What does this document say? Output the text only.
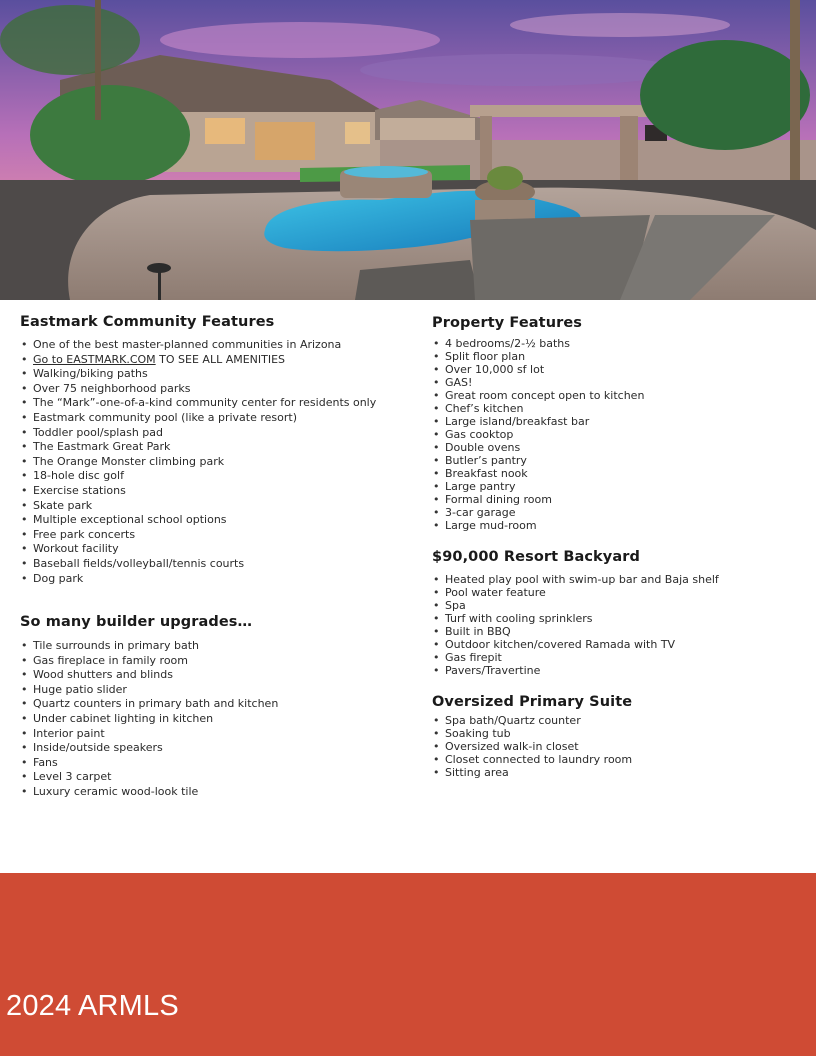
Eastmark Community Features
• One of the best master-planned communities in Arizona
• Go to EASTMARK.COM TO SEE ALL AMENITIES
• Walking/biking paths
• Over 75 neighborhood parks
• The “Mark”-one-of-a-kind community center for residents only
• Eastmark community pool (like a private resort)
• Toddler pool/splash pad
• The Eastmark Great Park
• The Orange Monster climbing park
• 18-hole disc golf
• Exercise stations
• Skate park
• Multiple exceptional school options
• Free park concerts
• Workout facility
• Baseball fields/volleyball/tennis courts
• Dog park
So many builder upgrades…
• Tile surrounds in primary bath
• Gas fireplace in family room
• Wood shutters and blinds
• Huge patio slider
• Quartz counters in primary bath and kitchen
• Under cabinet lighting in kitchen
• Interior paint
• Inside/outside speakers
• Fans
• Level 3 carpet
• Luxury ceramic wood-look tile
Property Features
• 4 bedrooms/2-½ baths
• Split floor plan
• Over 10,000 sf lot
• GAS!
• Great room concept open to kitchen
• Chef’s kitchen
• Large island/breakfast bar
• Gas cooktop
• Double ovens
• Butler’s pantry
• Breakfast nook
• Large pantry
• Formal dining room
• 3-car garage
• Large mud-room
$90,000 Resort Backyard
• Heated play pool with swim-up bar and Baja shelf
• Pool water feature
• Spa
• Turf with cooling sprinklers
• Built in BBQ
• Outdoor kitchen/covered Ramada with TV
• Gas firepit
• Pavers/Travertine
Oversized Primary Suite
• Spa bath/Quartz counter
• Soaking tub
• Oversized walk-in closet
• Closet connected to laundry room
• Sitting area
2024 ARMLS
